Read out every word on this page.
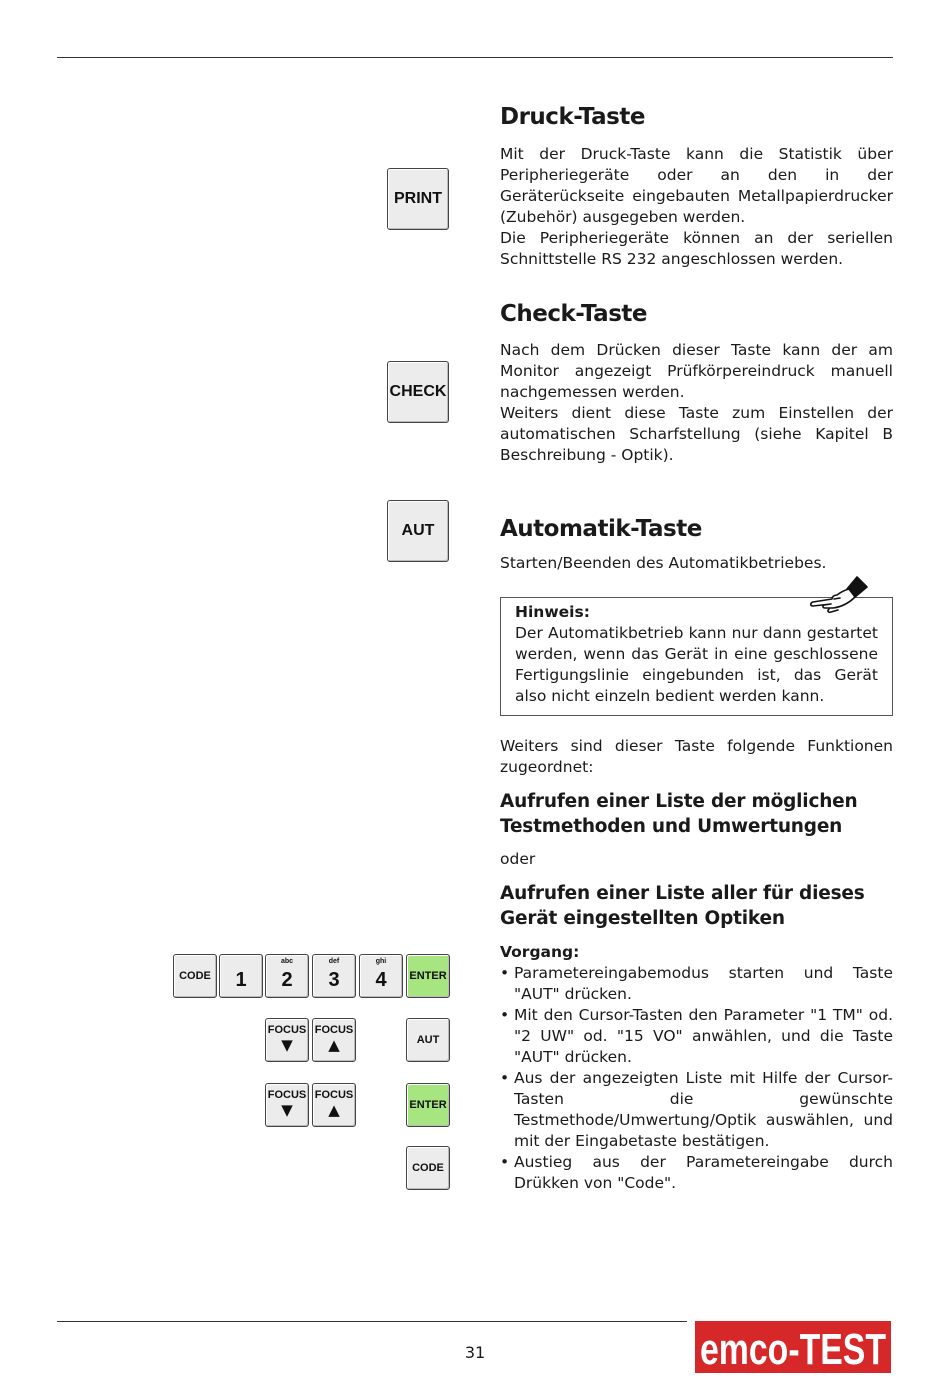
PRINT
Druck-Taste

Mit der Druck-Taste kann die Statistik über Peripheriegeräte oder an den in der Geräterückseite eingebauten Metallpapierdrucker (Zubehör) ausgegeben werden.

Die Peripheriegeräte können an der seriellen Schnittstelle RS 232 angeschlossen werden.

CHECK
Check-Taste

Nach dem Drücken dieser Taste kann der am Monitor angezeigt Prüfkörpereindruck manuell nachgemessen werden.

Weiters dient diese Taste zum Einstellen der automatischen Scharfstellung (siehe Kapitel B Beschreibung - Optik).

AUT	Automatik-Taste

Starten/Beenden des Automatikbetriebes.

Hinweis:
Der Automatikbetrieb kann nur dann gestartet werden, wenn das Gerät in eine geschlossene Fertigungslinie eingebunden ist, das Gerät also nicht einzeln bedient werden kann.

Weiters sind dieser Taste folgende Funktionen zugeordnet:

Aufrufen einer Liste der möglichen Testmethoden und Umwertungen

oder

Aufrufen einer Liste aller für dieses Gerät eingestellten Optiken

Vorgang:

• Parametereingabemodus starten und Taste "AUT" drücken.
• Mit den Cursor-Tasten den Parameter "1 TM" od. "2 UW" od. "15 VO" anwählen, und die Taste "AUT" drücken.
• Aus der angezeigten Liste mit Hilfe der Cursor-Tasten die gewünschte Testmethode/Umwertung/Optik auswählen, und mit der Eingabetaste bestätigen.
• Austieg aus der Parametereingabe durch Drükken von "Code".
CODE 1
abc
2
def
3
ghi
4 ENTER
FOCUS
▼
FOCUS
▲	AUT
FOCUS
▼
FOCUS
▲	ENTER
CODE
31	emco-TEST
